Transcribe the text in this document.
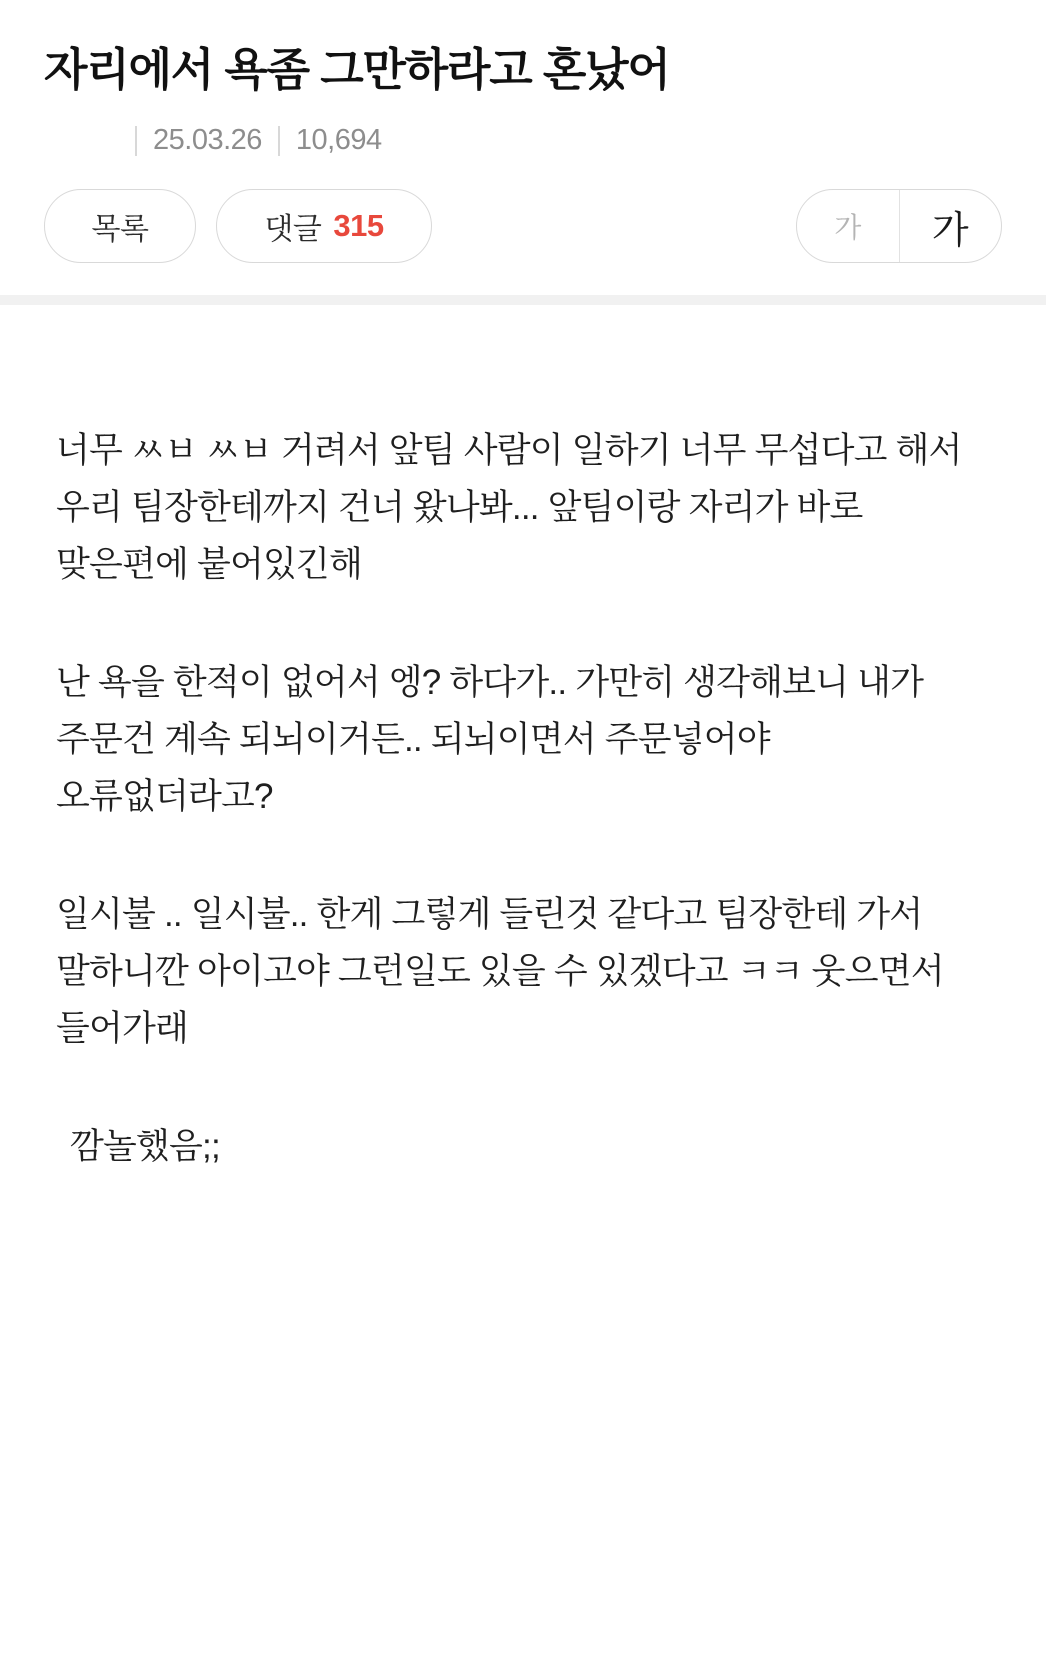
자리에서 욕좀 그만하라고 혼났어
25.03.26 10,694
목록	댓글 315	가 가

너무 ㅆㅂ ㅆㅂ 거려서 앞팀 사람이 일하기 너무 무섭다고 해서 우리 팀장한테까지 건너 왔나봐... 앞팀이랑 자리가 바로 맞은편에 붙어있긴해

난 욕을 한적이 없어서 엥? 하다가.. 가만히 생각해보니 내가 주문건 계속 되뇌이거든.. 되뇌이면서 주문넣어야 오류없더라고?

일시불 .. 일시불.. 한게 그렇게 들린것 같다고 팀장한테 가서 말하니깐 아이고야 그런일도 있을 수 있겠다고 ㅋㅋ 웃으면서 들어가래

깜놀했음;;
